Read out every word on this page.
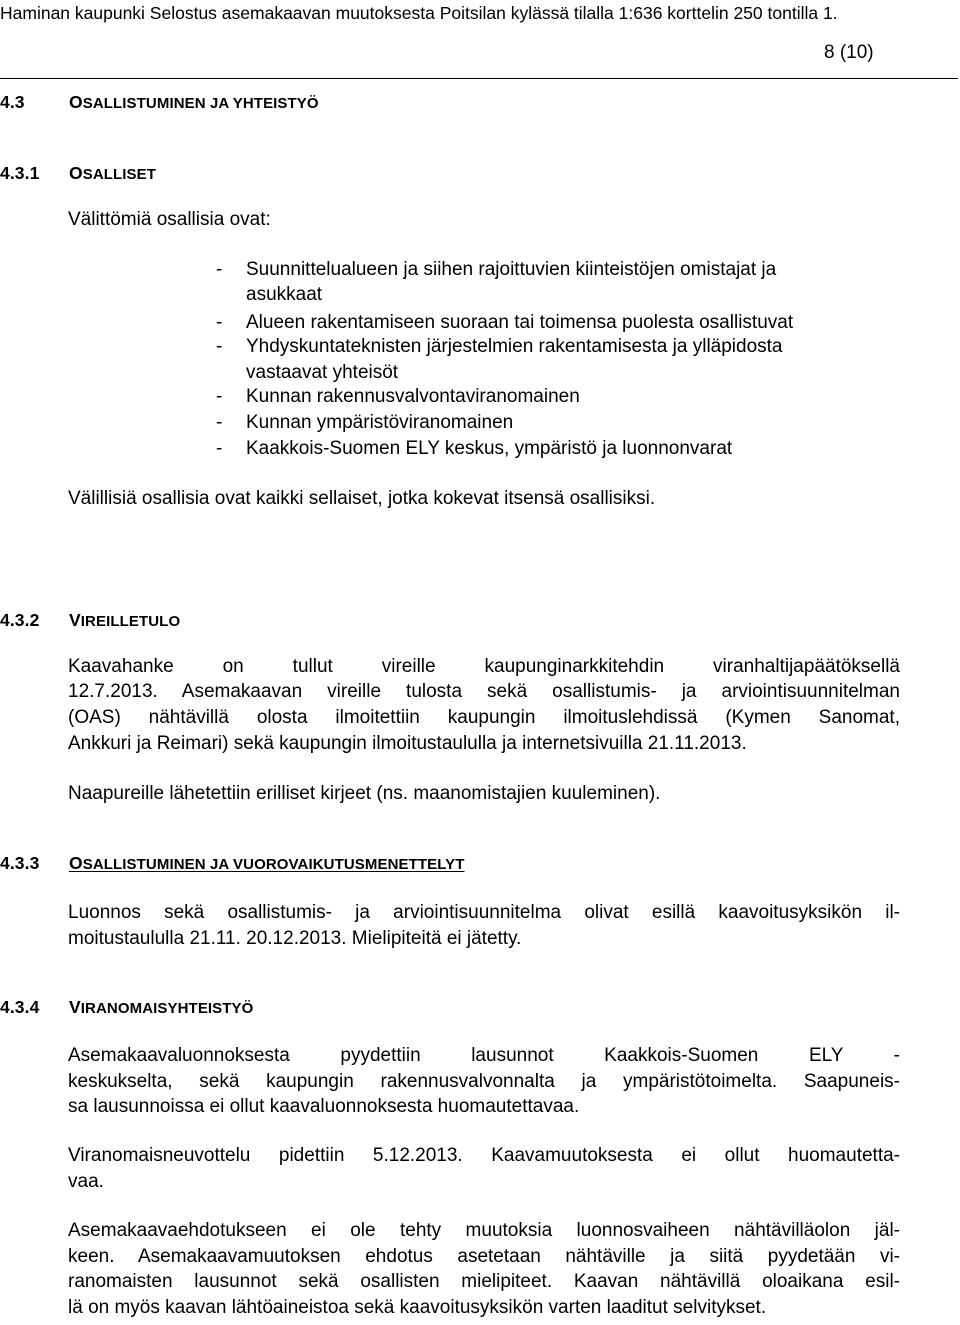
Haminan kaupunki Selostus asemakaavan muutoksesta Poitsilan kylässä tilalla 1:636 korttelin 250 tontilla 1.
8 (10)
4.3	OSALLISTUMINEN JA YHTEISTYÖ
4.3.1 OSALLISET
Välittömiä osallisia ovat:
- Suunnittelualueen ja siihen rajoittuvien kiinteistöjen omistajat ja
asukkaat
- Alueen rakentamiseen suoraan tai toimensa puolesta osallistuvat
- Yhdyskuntateknisten järjestelmien rakentamisesta ja ylläpidosta
vastaavat yhteisöt
- Kunnan rakennusvalvontaviranomainen
- Kunnan ympäristöviranomainen
- Kaakkois-Suomen ELY keskus, ympäristö ja luonnonvarat
Välillisiä osallisia ovat kaikki sellaiset, jotka kokevat itsensä osallisiksi.
4.3.2 VIREILLETULO
Kaavahanke on tullut vireille kaupunginarkkitehdin viranhaltijapäätöksellä
12.7.2013. Asemakaavan vireille tulosta sekä osallistumis- ja arviointisuunnitelman
(OAS) nähtävillä olosta ilmoitettiin kaupungin ilmoituslehdissä (Kymen Sanomat,
Ankkuri ja Reimari) sekä kaupungin ilmoitustaululla ja internetsivuilla 21.11.2013.
Naapureille lähetettiin erilliset kirjeet (ns. maanomistajien kuuleminen).
4.3.3 OSALLISTUMINEN JA VUOROVAIKUTUSMENETTELYT
Luonnos sekä osallistumis- ja arviointisuunnitelma olivat esillä kaavoitusyksikön il-
moitustaululla 21.11. 20.12.2013. Mielipiteitä ei jätetty.
4.3.4 VIRANOMAISYHTEISTYÖ
Asemakaavaluonnoksesta pyydettiin lausunnot Kaakkois-Suomen ELY -
keskukselta, sekä kaupungin rakennusvalvonnalta ja ympäristötoimelta. Saapuneis-
sa lausunnoissa ei ollut kaavaluonnoksesta huomautettavaa.
Viranomaisneuvottelu pidettiin 5.12.2013. Kaavamuutoksesta ei ollut huomautetta-
vaa.
Asemakaavaehdotukseen ei ole tehty muutoksia luonnosvaiheen nähtävilläolon jäl-
keen. Asemakaavamuutoksen ehdotus asetetaan nähtäville ja siitä pyydetään vi-
ranomaisten lausunnot sekä osallisten mielipiteet. Kaavan nähtävillä oloaikana esil-
lä on myös kaavan lähtöaineistoa sekä kaavoitusyksikön varten laaditut selvitykset.
